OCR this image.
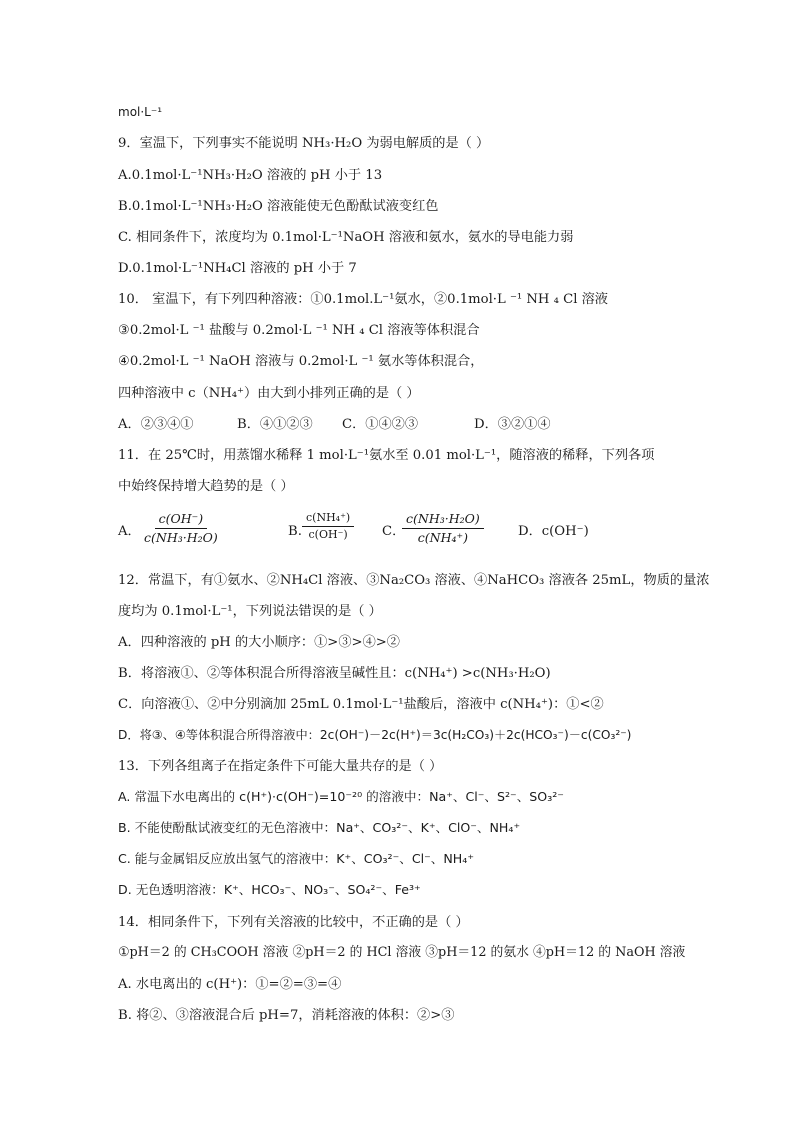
mol·L⁻¹
9．室温下，下列事实不能说明 NH₃·H₂O 为弱电解质的是（ ）
A.0.1mol·L⁻¹NH₃·H₂O 溶液的 pH 小于 13
B.0.1mol·L⁻¹NH₃·H₂O 溶液能使无色酚酞试液变红色
C. 相同条件下，浓度均为 0.1mol·L⁻¹NaOH 溶液和氨水，氨水的导电能力弱
D.0.1mol·L⁻¹NH₄Cl 溶液的 pH 小于 7
10． 室温下，有下列四种溶液：①0.1mol.L⁻¹氨水，②0.1mol·L ⁻¹ NH ₄ Cl 溶液
③0.2mol·L ⁻¹ 盐酸与 0.2mol·L ⁻¹ NH ₄ Cl 溶液等体积混合
④0.2mol·L ⁻¹ NaOH 溶液与 0.2mol·L ⁻¹ 氨水等体积混合，
四种溶液中 c（NH₄⁺）由大到小排列正确的是（ ）
A．②③④①	B．④①②③ C．①④②③	D．③②①④
11．在 25℃时，用蒸馏水稀释 1 mol·L⁻¹氨水至 0.01 mol·L⁻¹，随溶液的稀释，下列各项
中始终保持增大趋势的是（ ）
A． $\frac{c(OH^-)}{\text{c(NH₃·H₂O)}}$	B. $\frac{\text{c(NH₄⁺)}}{c(OH^-)}$ C．
$\frac{\text{c(NH₃·H₂O)}}{\text{c(NH₄⁺)}}$	D．c(OH⁻)
12．常温下，有①氨水、②NH₄Cl 溶液、③Na₂CO₃ 溶液、④NaHCO₃ 溶液各 25mL，物质的量浓
度均为 0.1mol·L⁻¹，下列说法错误的是（ ）
A．四种溶液的 pH 的大小顺序：①>③>④>②
B．将溶液①、②等体积混合所得溶液呈碱性且：c(NH₄⁺) >c(NH₃·H₂O)
C．向溶液①、②中分别滴加 25mL 0.1mol·L⁻¹盐酸后，溶液中 c(NH₄⁺)：①<②
D．将③、④等体积混合所得溶液中：2c(OH⁻)－2c(H⁺)＝3c(H₂CO₃)＋2c(HCO₃⁻)－c(CO₃²⁻)
13．下列各组离子在指定条件下可能大量共存的是（ ）
A. 常温下水电离出的 c(H⁺)·c(OH⁻)=10⁻²⁰ 的溶液中：Na⁺、Cl⁻、S²⁻、SO₃²⁻
B. 不能使酚酞试液变红的无色溶液中：Na⁺、CO₃²⁻、K⁺、ClO⁻、NH₄⁺
C. 能与金属铝反应放出氢气的溶液中：K⁺、CO₃²⁻、Cl⁻、NH₄⁺
D. 无色透明溶液：K⁺、HCO₃⁻、NO₃⁻、SO₄²⁻、Fe³⁺
14．相同条件下，下列有关溶液的比较中，不正确的是（ ）
①pH＝2 的 CH₃COOH 溶液 ②pH＝2 的 HCl 溶液 ③pH＝12 的氨水 ④pH＝12 的 NaOH 溶液
A. 水电离出的 c(H⁺)：①=②=③=④
B. 将②、③溶液混合后 pH=7，消耗溶液的体积：②>③
